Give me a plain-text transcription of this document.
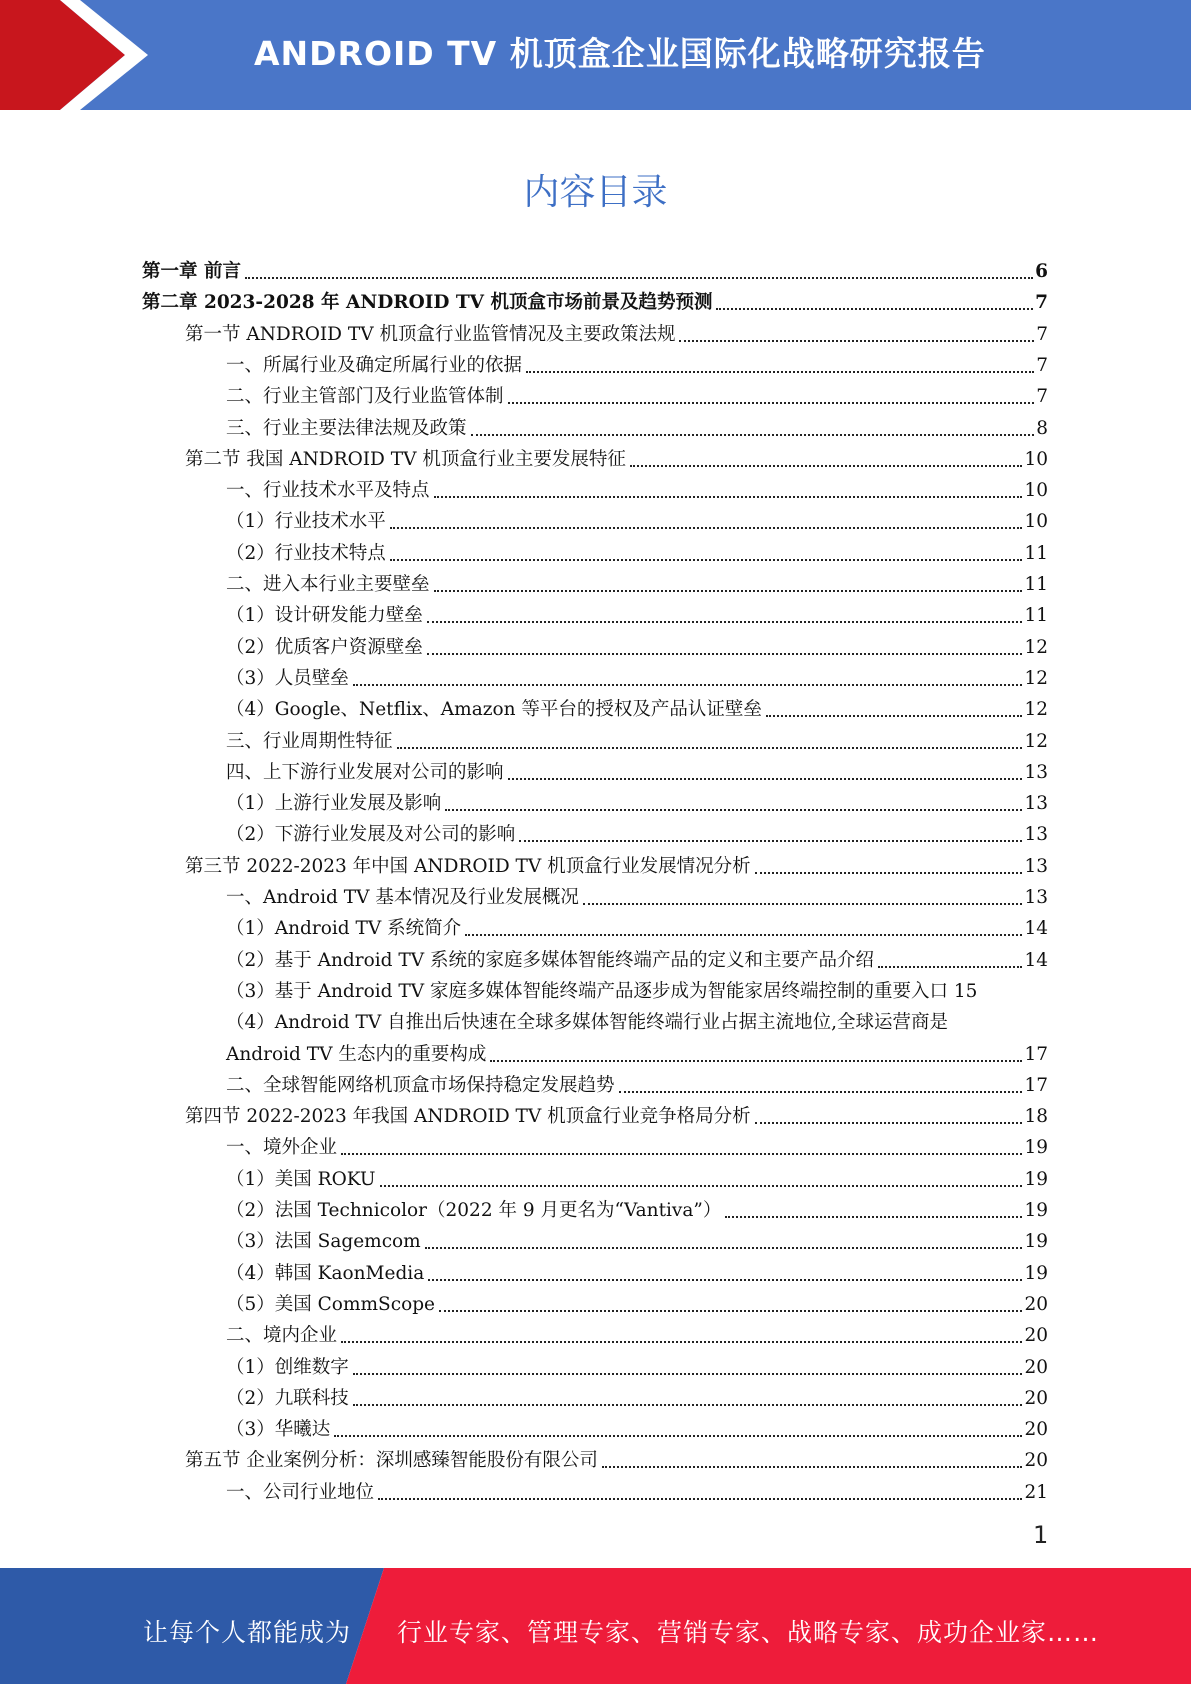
ANDROID TV 机顶盒企业国际化战略研究报告
内容目录
第一章 前言	6
第二章 2023-2028 年 ANDROID TV 机顶盒市场前景及趋势预测	7
第一节 ANDROID TV 机顶盒行业监管情况及主要政策法规	7
一、所属行业及确定所属行业的依据	7
二、行业主管部门及行业监管体制	7
三、行业主要法律法规及政策	8
第二节 我国 ANDROID TV 机顶盒行业主要发展特征	10
一、行业技术水平及特点	10
（1）行业技术水平	10
（2）行业技术特点	11
二、进入本行业主要壁垒	11
（1）设计研发能力壁垒	11
（2）优质客户资源壁垒	12
（3）人员壁垒	12
（4）Google、Netflix、Amazon 等平台的授权及产品认证壁垒	12
三、行业周期性特征	12
四、上下游行业发展对公司的影响	13
（1）上游行业发展及影响	13
（2）下游行业发展及对公司的影响	13
第三节 2022-2023 年中国 ANDROID TV 机顶盒行业发展情况分析	13
一、Android TV 基本情况及行业发展概况	13
（1）Android TV 系统简介	14
（2）基于 Android TV 系统的家庭多媒体智能终端产品的定义和主要产品介绍	14
（3）基于 Android TV 家庭多媒体智能终端产品逐步成为智能家居终端控制的重要入口 15
（4）Android TV 自推出后快速在全球多媒体智能终端行业占据主流地位,全球运营商是
Android TV 生态内的重要构成	17
二、全球智能网络机顶盒市场保持稳定发展趋势	17
第四节 2022-2023 年我国 ANDROID TV 机顶盒行业竞争格局分析	18
一、境外企业	19
（1）美国 ROKU	19
（2）法国 Technicolor（2022 年 9 月更名为“Vantiva”）	19
（3）法国 Sagemcom	19
（4）韩国 KaonMedia	19
（5）美国 CommScope	20
二、境内企业	20
（1）创维数字	20
（2）九联科技	20
（3）华曦达	20
第五节 企业案例分析：深圳感臻智能股份有限公司	20
一、公司行业地位	21
1
让每个人都能成为 行业专家、管理专家、营销专家、战略专家、成功企业家……
